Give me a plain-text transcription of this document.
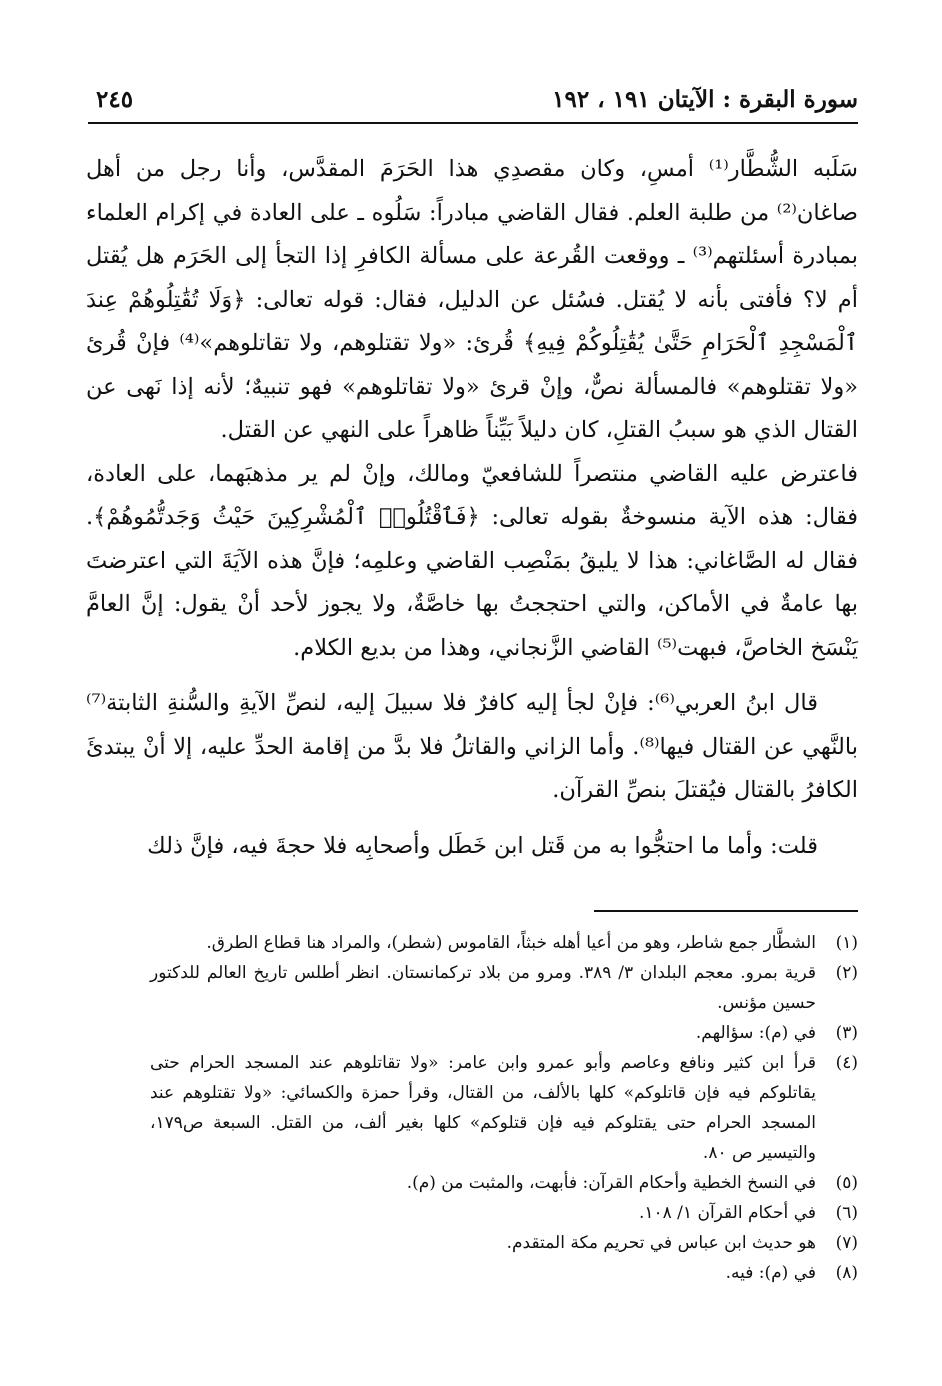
سورة البقرة : الآيتان ١٩١ ، ١٩٢
٢٤٥

سَلَبه الشُّطَّار⁽¹⁾ أمسِ، وكان مقصدِي هذا الحَرَمَ المقدَّس، وأنا رجل من أهل صاغان⁽²⁾ من طلبة العلم. فقال القاضي مبادراً: سَلُوه ـ على العادة في إكرام العلماء بمبادرة أسئلتهم⁽³⁾ ـ ووقعت القُرعة على مسألة الكافرِ إذا التجأ إلى الحَرَم هل يُقتل أم لا؟ فأفتى بأنه لا يُقتل. فسُئل عن الدليل، فقال: قوله تعالى: ﴿وَلَا تُقَٰتِلُوهُمْ عِندَ ٱلْمَسْجِدِ ٱلْحَرَامِ حَتَّىٰ يُقَٰتِلُوكُمْ فِيهِ﴾ قُرئ: «ولا تقتلوهم، ولا تقاتلوهم»⁽⁴⁾ فإنْ قُرئ «ولا تقتلوهم» فالمسألة نصٌّ، وإنْ قرئ «ولا تقاتلوهم» فهو تنبيهٌ؛ لأنه إذا نَهى عن القتال الذي هو سببُ القتلِ، كان دليلاً بَيِّناً ظاهراً على النهي عن القتل.

فاعترض عليه القاضي منتصراً للشافعيّ ومالك، وإنْ لم ير مذهبَهما، على العادة، فقال: هذه الآية منسوخةٌ بقوله تعالى: ﴿فَٱقْتُلُوا۟ ٱلْمُشْرِكِينَ حَيْثُ وَجَدتُّمُوهُمْ﴾. فقال له الصَّاغاني: هذا لا يليقُ بمَنْصِب القاضي وعلمِه؛ فإنَّ هذه الآيَةَ التي اعترضتَ بها عامةٌ في الأماكن، والتي احتججتُ بها خاصَّةٌ، ولا يجوز لأحد أنْ يقول: إنَّ العامَّ يَنْسَخ الخاصَّ، فبهت⁽⁵⁾ القاضي الزَّنجاني، وهذا من بديع الكلام.

قال ابنُ العربي⁽⁶⁾: فإنْ لجأ إليه كافرٌ فلا سبيلَ إليه، لنصِّ الآيةِ والسُّنةِ الثابتة⁽⁷⁾ بالنَّهي عن القتال فيها⁽⁸⁾. وأما الزاني والقاتلُ فلا بدَّ من إقامة الحدِّ عليه، إلا أنْ يبتدئَ الكافرُ بالقتال فيُقتلَ بنصِّ القرآن.

قلت: وأما ما احتجُّوا به من قَتل ابن خَطَل وأصحابِه فلا حجةَ فيه، فإنَّ ذلك

(١)
الشطَّار جمع شاطر، وهو من أعيا أهله خبثاً، القاموس (شطر)، والمراد هنا قطاع الطرق.
(٢)
قرية بمرو. معجم البلدان ٣/ ٣٨٩. ومرو من بلاد تركمانستان. انظر أطلس تاريخ العالم للدكتور حسين مؤنس.
(٣)
في (م): سؤالهم.
(٤)
قرأ ابن كثير ونافع وعاصم وأبو عمرو وابن عامر: «ولا تقاتلوهم عند المسجد الحرام حتى يقاتلوكم فيه فإن قاتلوكم» كلها بالألف، من القتال، وقرأ حمزة والكسائي: «ولا تقتلوهم عند المسجد الحرام حتى يقتلوكم فيه فإن قتلوكم» كلها بغير ألف، من القتل. السبعة ص١٧٩، والتيسير ص ٨٠.
(٥)
في النسخ الخطية وأحكام القرآن: فأبهت، والمثبت من (م).
(٦)
في أحكام القرآن ١/ ١٠٨.
(٧)
هو حديث ابن عباس في تحريم مكة المتقدم.
(٨)
في (م): فيه.
